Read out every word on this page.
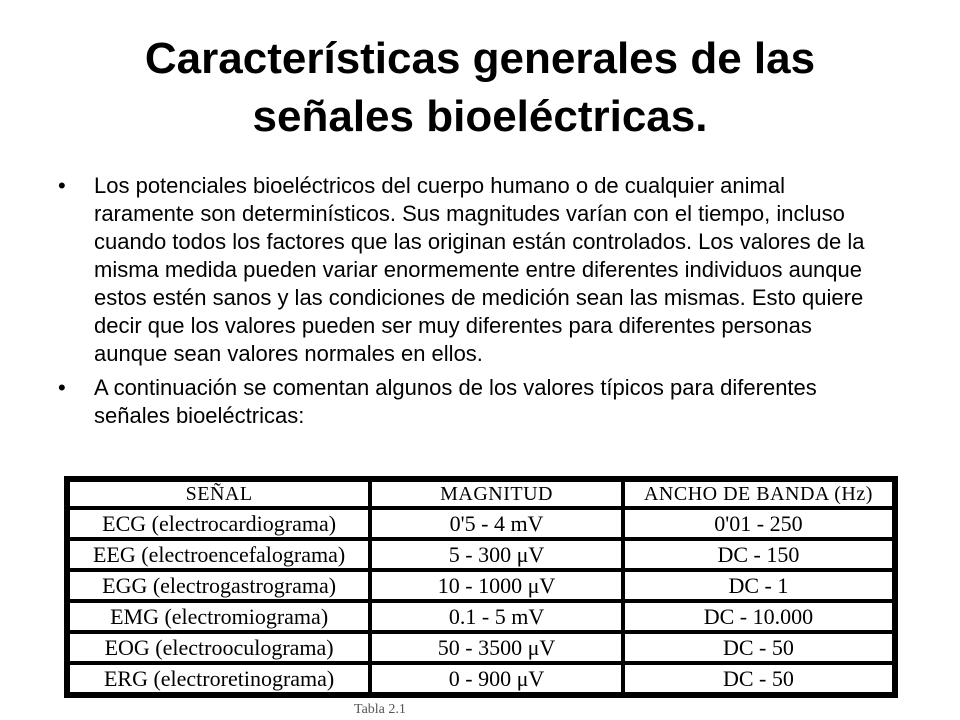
Características generales de las
señales bioeléctricas.
• Los potenciales bioeléctricos del cuerpo humano o de cualquier animal raramente son determinísticos. Sus magnitudes varían con el tiempo, incluso cuando todos los factores que las originan están controlados. Los valores de la misma medida pueden variar enormemente entre diferentes individuos aunque estos estén sanos y las condiciones de medición sean las mismas. Esto quiere decir que los valores pueden ser muy diferentes para diferentes personas aunque sean valores normales en ellos.
• A continuación se comentan algunos de los valores típicos para diferentes señales bioeléctricas:
SEÑAL	MAGNITUD	ANCHO DE BANDA (Hz)
ECG (electrocardiograma)	0'5 - 4 mV	0'01 - 250
EEG (electroencefalograma)	5 - 300 μV	DC - 150
EGG (electrogastrograma)	10 - 1000 μV	DC - 1
EMG (electromiograma)	0.1 - 5 mV	DC - 10.000
EOG (electrooculograma)	50 - 3500 μV	DC - 50
ERG (electroretinograma)	0 - 900 μV	DC - 50
Tabla 2.1
